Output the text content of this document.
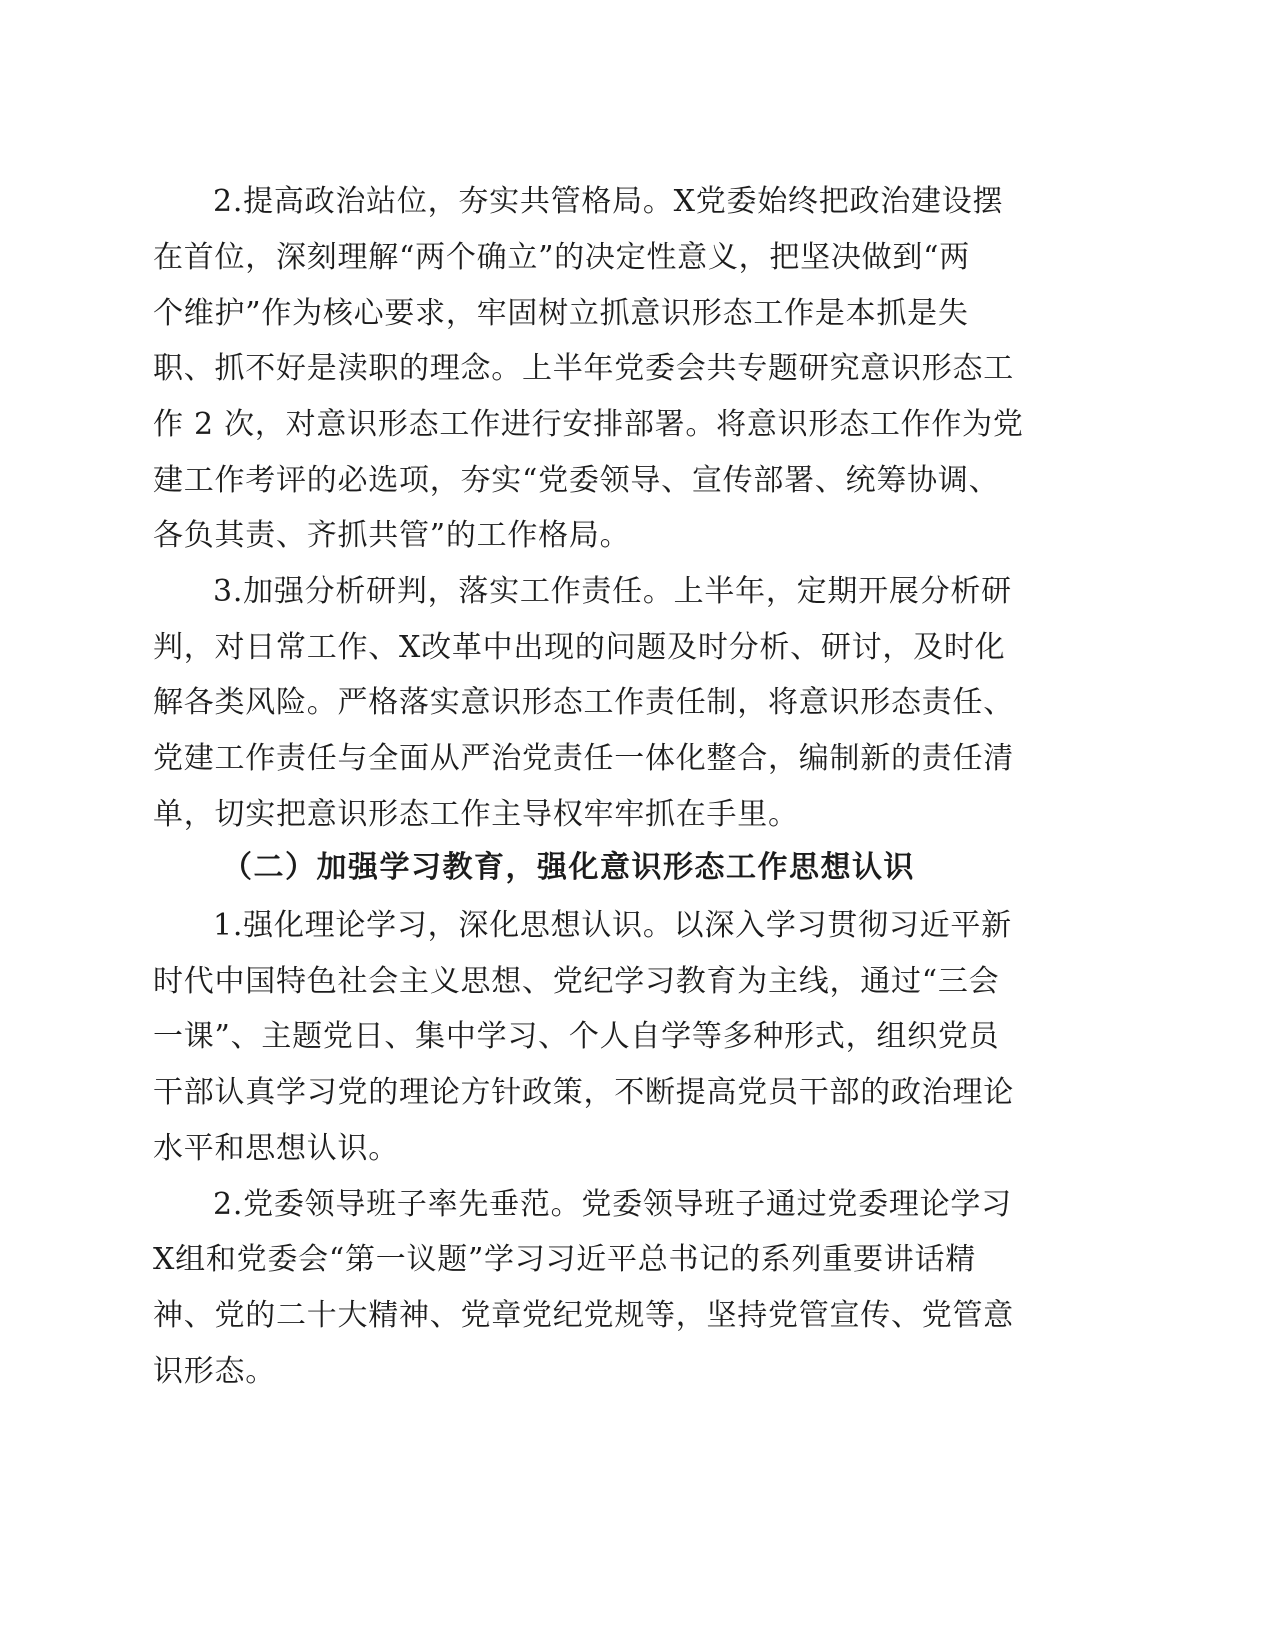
2.提高政治站位，夯实共管格局。X党委始终把政治建设摆

在首位，深刻理解“两个确立”的决定性意义，把坚决做到“两

个维护”作为核心要求，牢固树立抓意识形态工作是本抓是失

职、抓不好是渎职的理念。上半年党委会共专题研究意识形态工

作 2 次，对意识形态工作进行安排部署。将意识形态工作作为党

建工作考评的必选项，夯实“党委领导、宣传部署、统筹协调、

各负其责、齐抓共管”的工作格局。

3.加强分析研判，落实工作责任。上半年，定期开展分析研

判，对日常工作、X改革中出现的问题及时分析、研讨，及时化

解各类风险。严格落实意识形态工作责任制，将意识形态责任、

党建工作责任与全面从严治党责任一体化整合，编制新的责任清

单，切实把意识形态工作主导权牢牢抓在手里。

（二）加强学习教育，强化意识形态工作思想认识

1.强化理论学习，深化思想认识。以深入学习贯彻习近平新

时代中国特色社会主义思想、党纪学习教育为主线，通过“三会

一课”、主题党日、集中学习、个人自学等多种形式，组织党员

干部认真学习党的理论方针政策，不断提高党员干部的政治理论

水平和思想认识。

2.党委领导班子率先垂范。党委领导班子通过党委理论学习

X组和党委会“第一议题”学习习近平总书记的系列重要讲话精

神、党的二十大精神、党章党纪党规等，坚持党管宣传、党管意

识形态。
